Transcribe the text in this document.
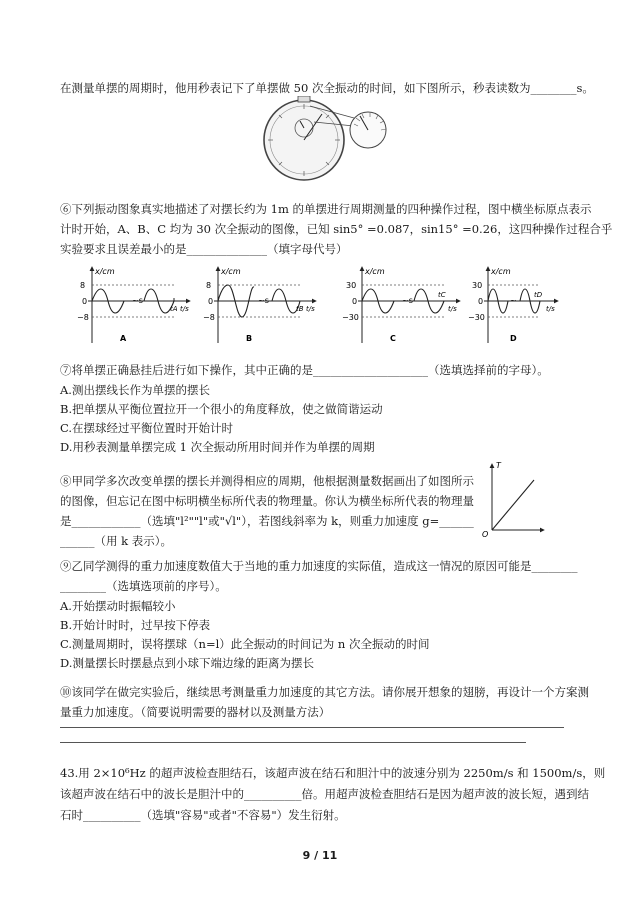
在测量单摆的周期时，他用秒表记下了单摆做 50 次全振动的时间，如下图所示，秒表读数为________s。
⑥下列振动图象真实地描述了对摆长约为 1m 的单摆进行周期测量的四种操作过程，图中横坐标原点表示
计时开始，A、B、C 均为 30 次全振动的图像，已知 sin5° =0.087，sin15° =0.26，这四种操作过程合乎
实验要求且误差最小的是______________（填字母代号）
~s
x/cm
8
0
−8
tA t/s
A
~s
x/cm
8
0
−8
tB t/s
B
~s
x/cm
30
0
−30
tC
t/s
C
~
x/cm
30
0
−30
tD
t/s
D
⑦将单摆正确悬挂后进行如下操作，其中正确的是____________________（选填选择前的字母）。
A.测出摆线长作为单摆的摆长
B.把单摆从平衡位置拉开一个很小的角度释放，使之做简谐运动
C.在摆球经过平衡位置时开始计时
D.用秒表测量单摆完成 1 次全振动所用时间并作为单摆的周期
⑧甲同学多次改变单摆的摆长并测得相应的周期，他根据测量数据画出了如图所示
的图像，但忘记在图中标明横坐标所代表的物理量。你认为横坐标所代表的物理量
是____________（选填"l²""l"或"√l"），若图线斜率为 k，则重力加速度 g=______
______（用 k 表示）。
T
O
⑨乙同学测得的重力加速度数值大于当地的重力加速度的实际值，造成这一情况的原因可能是________
________（选填选项前的序号）。
A.开始摆动时振幅较小
B.开始计时时，过早按下停表
C.测量周期时，误将摆球（n=l）此全振动的时间记为 n 次全振动的时间
D.测量摆长时摆悬点到小球下端边缘的距离为摆长
⑩该同学在做完实验后，继续思考测量重力加速度的其它方法。请你展开想象的翅膀，再设计一个方案测
量重力加速度。（简要说明需要的器材以及测量方法）
43.用 2×10⁶Hz 的超声波检查胆结石，该超声波在结石和胆汁中的波速分别为 2250m/s 和 1500m/s，则
该超声波在结石中的波长是胆汁中的__________倍。用超声波检查胆结石是因为超声波的波长短，遇到结
石时__________（选填"容易"或者"不容易"）发生衍射。
9 / 11
